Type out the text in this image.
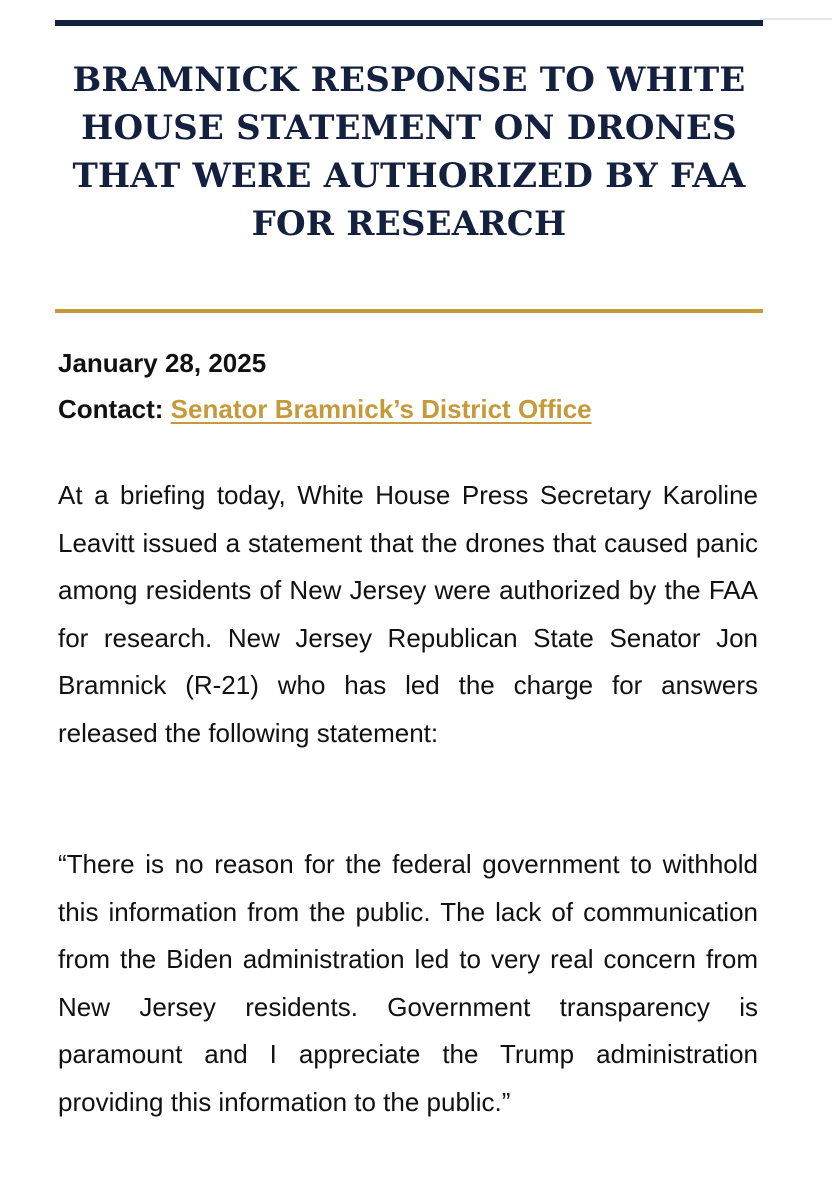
BRAMNICK RESPONSE TO WHITE HOUSE STATEMENT ON DRONES THAT WERE AUTHORIZED BY FAA FOR RESEARCH
January 28, 2025
Contact: Senator Bramnick’s District Office

At a briefing today, White House Press Secretary Karoline Leavitt issued a statement that the drones that caused panic among residents of New Jersey were authorized by the FAA for research. New Jersey Republican State Senator Jon Bramnick (R-21) who has led the charge for answers released the following statement:

“There is no reason for the federal government to withhold this information from the public. The lack of communication from the Biden administration led to very real concern from New Jersey residents. Government transparency is paramount and I appreciate the Trump administration providing this information to the public.”
